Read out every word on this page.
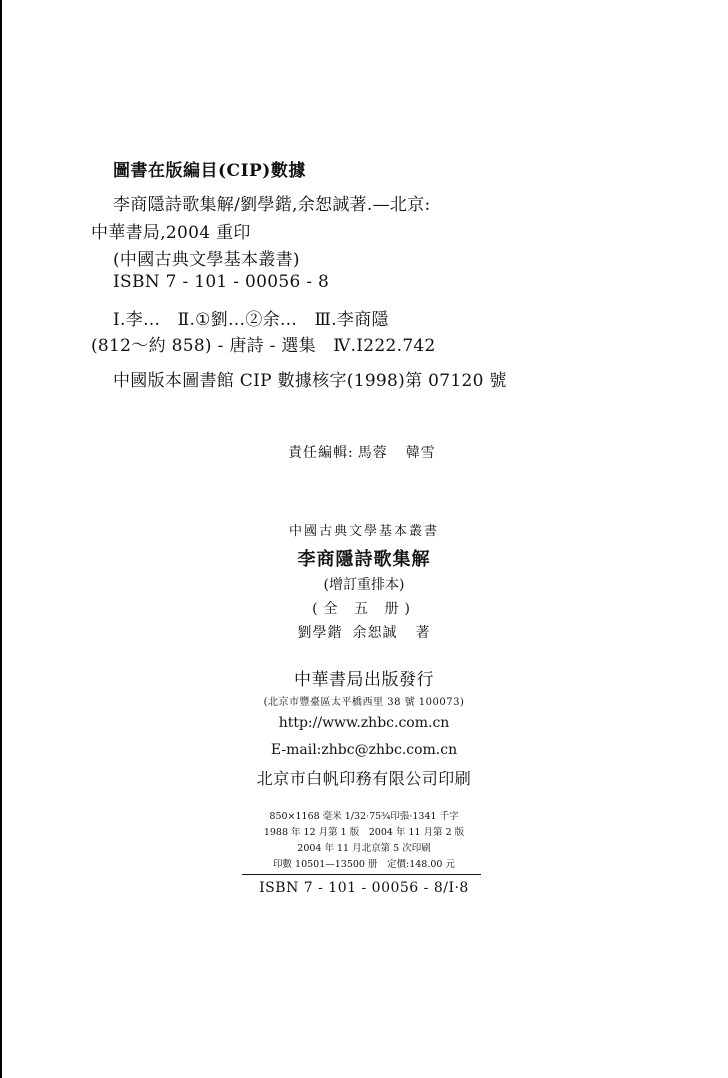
圖書在版編目(CIP)數據
李商隱詩歌集解/劉學鍇,余恕誠著.—北京:
中華書局,2004 重印
(中國古典文學基本叢書)
ISBN 7 - 101 - 00056 - 8
Ⅰ.李…　Ⅱ.①劉…②余…　Ⅲ.李商隱
(812～約 858) - 唐詩 - 選集　Ⅳ.I222.742
中國版本圖書館 CIP 數據核字(1998)第 07120 號
責任編輯: 馬蓉 韓雪
中國古典文學基本叢書
李商隱詩歌集解
(增訂重排本)
(全 五 册)
劉學鍇 余恕誠 著
中華書局出版發行
(北京市豐臺區太平橋西里 38 號 100073)
http://www.zhbc.com.cn
E-mail:zhbc@zhbc.com.cn
北京市白帆印務有限公司印刷
850×1168 毫米 1/32·75¾印張·1341 千字
1988 年 12 月第 1 版　2004 年 11 月第 2 版
2004 年 11 月北京第 5 次印刷
印數 10501—13500 册　定價:148.00 元
ISBN 7 - 101 - 00056 - 8/I·8
